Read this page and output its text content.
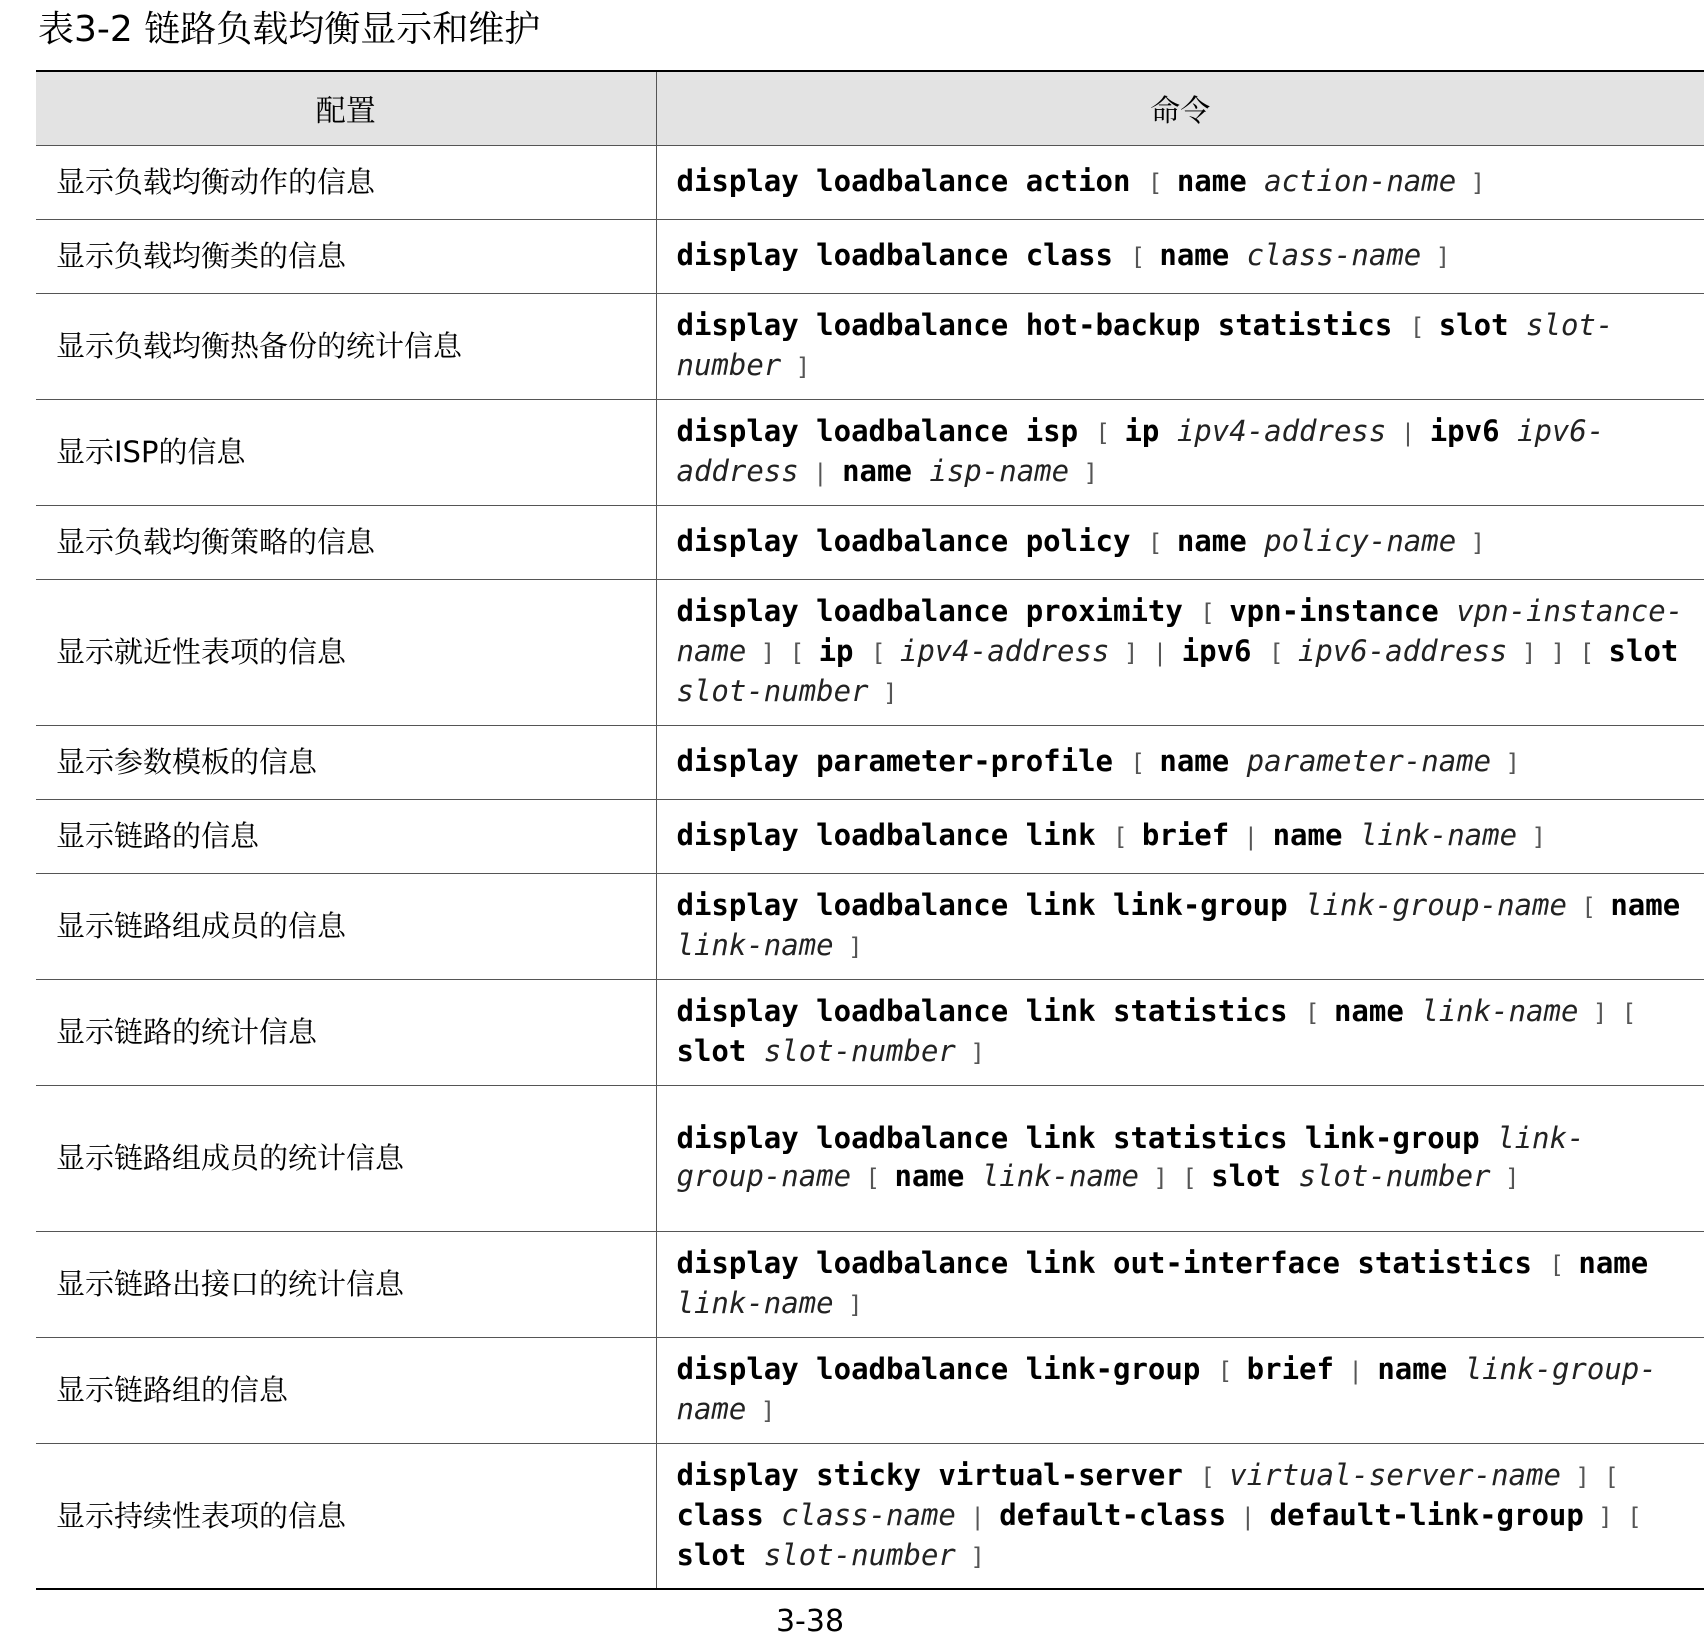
表3-2 链路负载均衡显示和维护
配置	命令
显示负载均衡动作的信息	display loadbalance action [ name action-name ]
显示负载均衡类的信息	display loadbalance class [ name class-name ]
显示负载均衡热备份的统计信息	display loadbalance hot-backup statistics [ slot slot-number ]
显示ISP的信息	display loadbalance isp [ ip ipv4-address | ipv6 ipv6-address | name isp-name ]
显示负载均衡策略的信息	display loadbalance policy [ name policy-name ]
显示就近性表项的信息	display loadbalance proximity [ vpn-instance vpn-instance-name ] [ ip [ ipv4-address ] | ipv6 [ ipv6-address ] ] [ slot slot-number ]
显示参数模板的信息	display parameter-profile [ name parameter-name ]
显示链路的信息	display loadbalance link [ brief | name link-name ]
显示链路组成员的信息	display loadbalance link link-group link-group-name [ name link-name ]
显示链路的统计信息	display loadbalance link statistics [ name link-name ] [ slot slot-number ]
显示链路组成员的统计信息	display loadbalance link statistics link-group link-group-name [ name link-name ] [ slot slot-number ]
显示链路出接口的统计信息	display loadbalance link out-interface statistics [ name link-name ]
显示链路组的信息	display loadbalance link-group [ brief | name link-group-name ]
显示持续性表项的信息	display sticky virtual-server [ virtual-server-name ] [ class class-name | default-class | default-link-group ] [ slot slot-number ]
3-38
